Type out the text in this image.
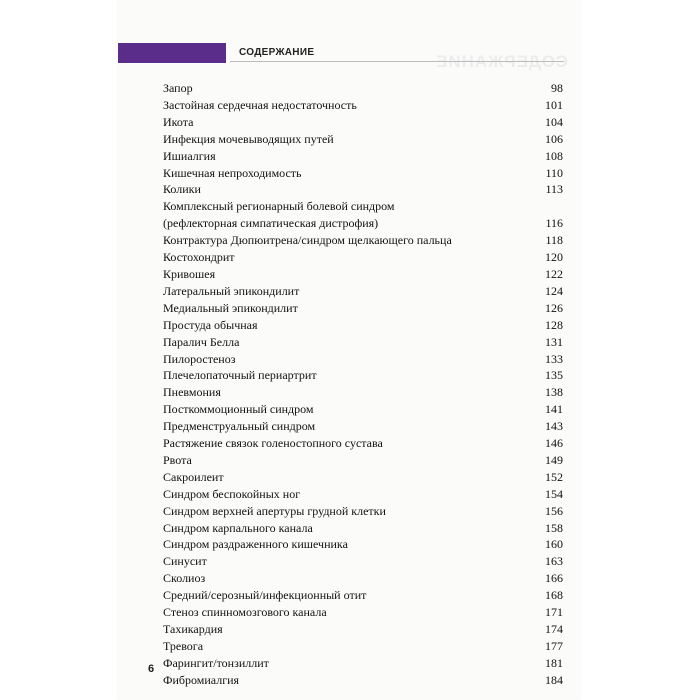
СОДЕРЖАНИЕ
СОДЕРЖАНИЕ
Запор	98
Застойная сердечная недостаточность	101
Икота	104
Инфекция мочевыводящих путей	106
Ишиалгия	108
Кишечная непроходимость	110
Колики	113
Комплексный регионарный болевой синдром
(рефлекторная симпатическая дистрофия)	116
Контрактура Дюпюитрена/синдром щелкающего пальца	118
Костохондрит	120
Кривошея	122
Латеральный эпикондилит	124
Медиальный эпикондилит	126
Простуда обычная	128
Паралич Белла	131
Пилоростеноз	133
Плечелопаточный периартрит	135
Пневмония	138
Посткоммоционный синдром	141
Предменструальный синдром	143
Растяжение связок голеностопного сустава	146
Рвота	149
Сакроилеит	152
Синдром беспокойных ног	154
Синдром верхней апертуры грудной клетки	156
Синдром карпального канала	158
Синдром раздраженного кишечника	160
Синусит	163
Сколиоз	166
Средний/серозный/инфекционный отит	168
Стеноз спинномозгового канала	171
Тахикардия	174
Тревога	177
Фарингит/тонзиллит	181
Фибромиалгия	184
6
